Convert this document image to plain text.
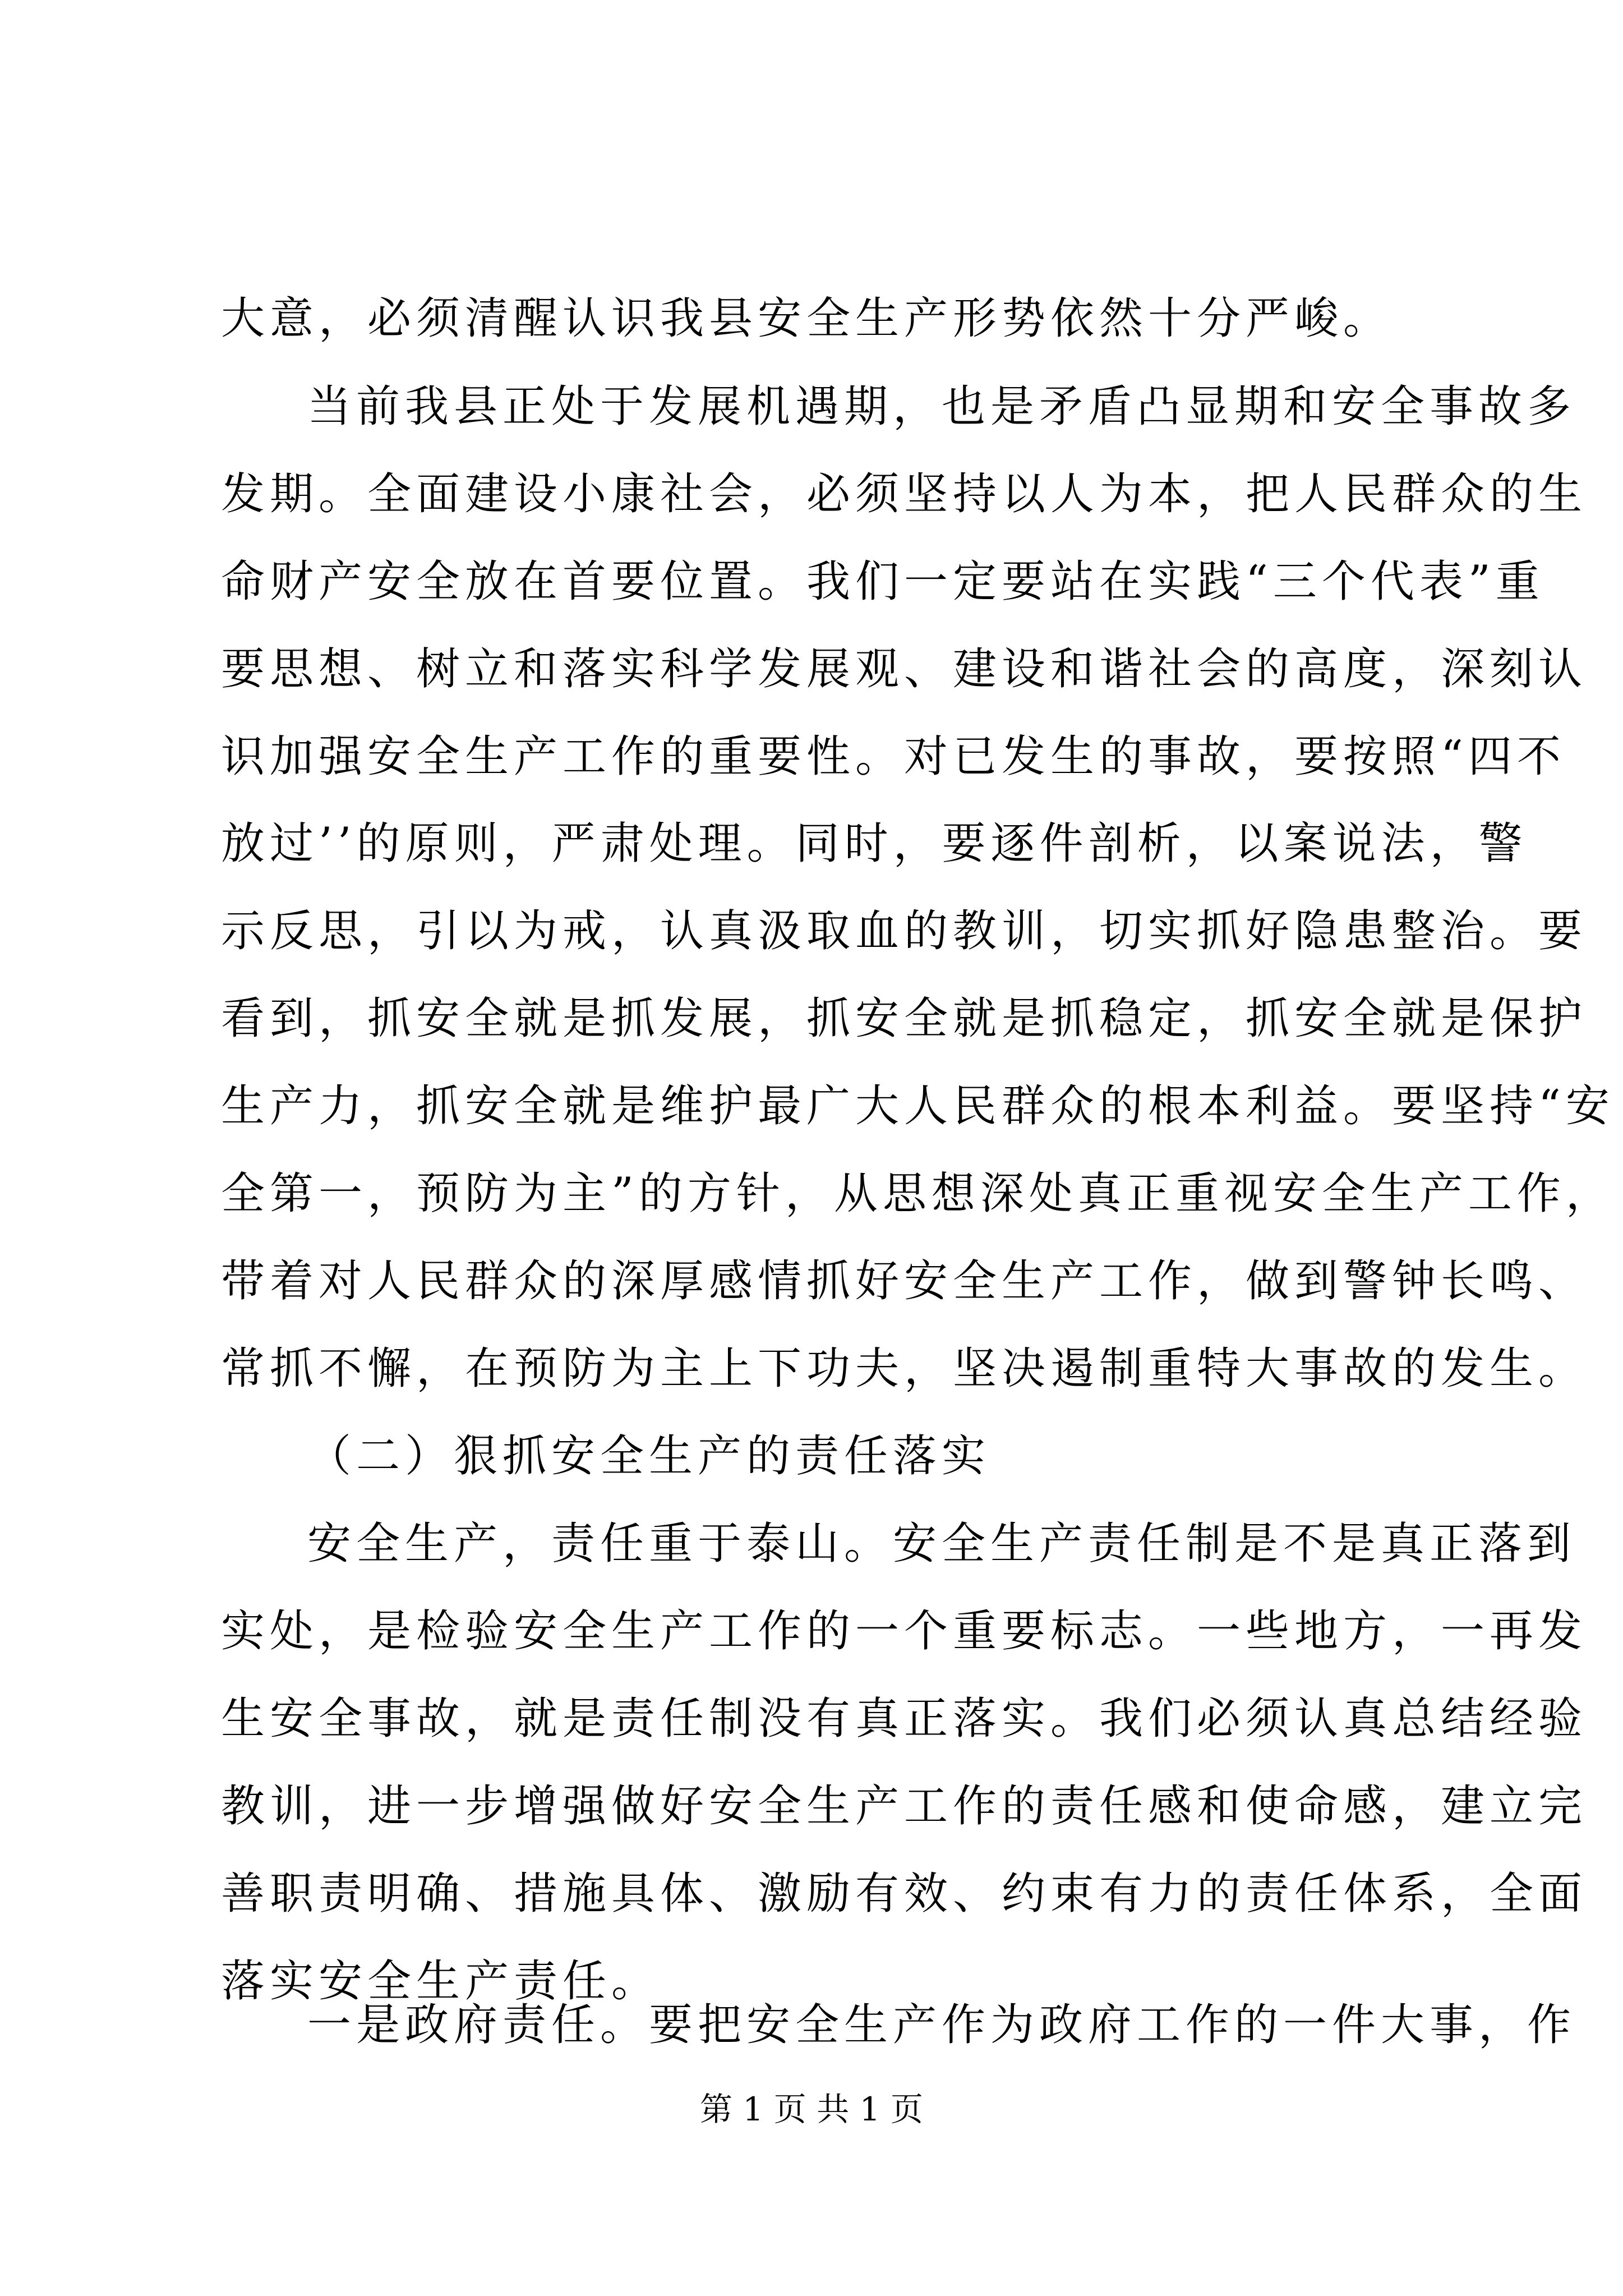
大意，必须清醒认识我县安全生产形势依然十分严峻。
当前我县正处于发展机遇期，也是矛盾凸显期和安全事故多
发期。全面建设小康社会，必须坚持以人为本，把人民群众的生
命财产安全放在首要位置。我们一定要站在实践“三个代表”重
要思想、树立和落实科学发展观、建设和谐社会的高度，深刻认
识加强安全生产工作的重要性。对已发生的事故，要按照“四不
放过’’的原则，严肃处理。同时，要逐件剖析，以案说法，警
示反思，引以为戒，认真汲取血的教训，切实抓好隐患整治。要
看到，抓安全就是抓发展，抓安全就是抓稳定，抓安全就是保护
生产力，抓安全就是维护最广大人民群众的根本利益。要坚持“安
全第一，预防为主”的方针，从思想深处真正重视安全生产工作，
带着对人民群众的深厚感情抓好安全生产工作，做到警钟长鸣、
常抓不懈，在预防为主上下功夫，坚决遏制重特大事故的发生。
（二）狠抓安全生产的责任落实
安全生产，责任重于泰山。安全生产责任制是不是真正落到
实处，是检验安全生产工作的一个重要标志。一些地方，一再发
生安全事故，就是责任制没有真正落实。我们必须认真总结经验
教训，进一步增强做好安全生产工作的责任感和使命感，建立完
善职责明确、措施具体、激励有效、约束有力的责任体系，全面
落实安全生产责任。
一是政府责任。要把安全生产作为政府工作的一件大事，作
第 1 页 共 1 页
